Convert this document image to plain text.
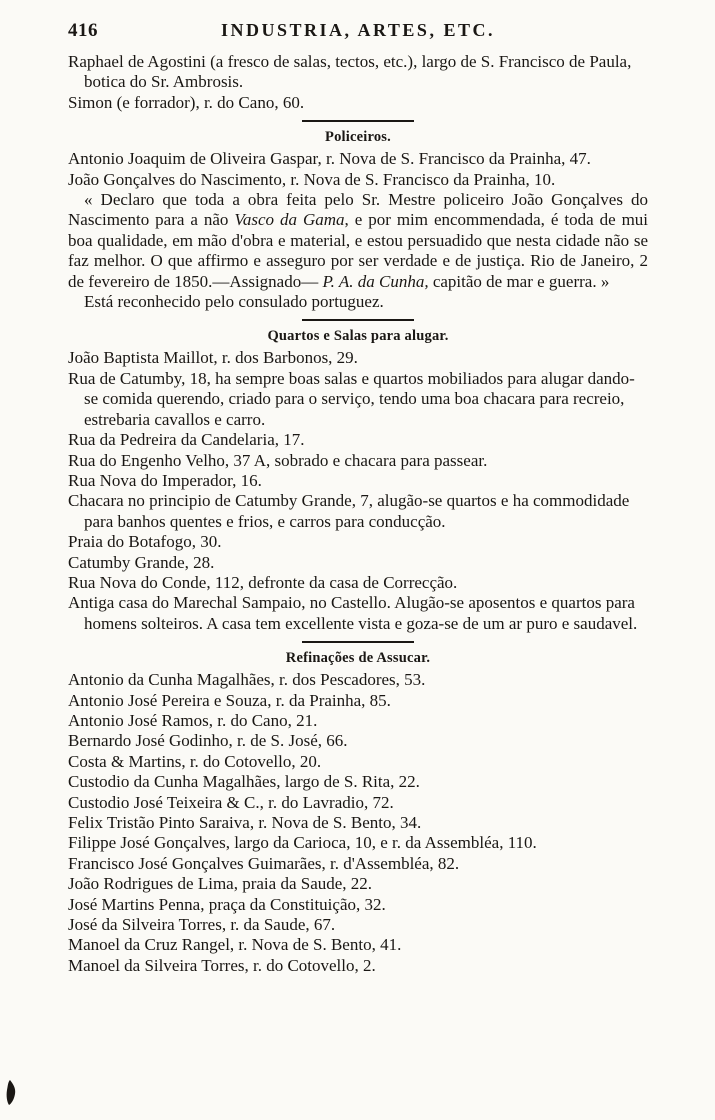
416	INDUSTRIA, ARTES, ETC.
Raphael de Agostini (a fresco de salas, tectos, etc.), largo de S. Francisco de Paula, botica do Sr. Ambrosis.
Simon (e forrador), r. do Cano, 60.
Policeiros.
Antonio Joaquim de Oliveira Gaspar, r. Nova de S. Francisco da Prainha, 47.
João Gonçalves do Nascimento, r. Nova de S. Francisco da Prainha, 10.
« Declaro que toda a obra feita pelo Sr. Mestre policeiro João Gonçalves do Nascimento para a não Vasco da Gama, e por mim encommendada, é toda de mui boa qualidade, em mão d'obra e material, e estou persuadido que nesta cidade não se faz melhor. O que affirmo e asseguro por ser verdade e de justiça. Rio de Janeiro, 2 de fevereiro de 1850.—Assignado— P. A. da Cunha, capitão de mar e guerra. »
Está reconhecido pelo consulado portuguez.
Quartos e Salas para alugar.
João Baptista Maillot, r. dos Barbonos, 29.
Rua de Catumby, 18, ha sempre boas salas e quartos mobiliados para alugar dando-se comida querendo, criado para o serviço, tendo uma boa chacara para recreio, estrebaria cavallos e carro.
Rua da Pedreira da Candelaria, 17.
Rua do Engenho Velho, 37 A, sobrado e chacara para passear.
Rua Nova do Imperador, 16.
Chacara no principio de Catumby Grande, 7, alugão-se quartos e ha commodidade para banhos quentes e frios, e carros para conducção.
Praia do Botafogo, 30.
Catumby Grande, 28.
Rua Nova do Conde, 112, defronte da casa de Correcção.
Antiga casa do Marechal Sampaio, no Castello. Alugão-se aposentos e quartos para homens solteiros. A casa tem excellente vista e goza-se de um ar puro e saudavel.
Refinações de Assucar.
Antonio da Cunha Magalhães, r. dos Pescadores, 53.
Antonio José Pereira e Souza, r. da Prainha, 85.
Antonio José Ramos, r. do Cano, 21.
Bernardo José Godinho, r. de S. José, 66.
Costa & Martins, r. do Cotovello, 20.
Custodio da Cunha Magalhães, largo de S. Rita, 22.
Custodio José Teixeira & C., r. do Lavradio, 72.
Felix Tristão Pinto Saraiva, r. Nova de S. Bento, 34.
Filippe José Gonçalves, largo da Carioca, 10, e r. da Assembléa, 110.
Francisco José Gonçalves Guimarães, r. d'Assembléa, 82.
João Rodrigues de Lima, praia da Saude, 22.
José Martins Penna, praça da Constituição, 32.
José da Silveira Torres, r. da Saude, 67.
Manoel da Cruz Rangel, r. Nova de S. Bento, 41.
Manoel da Silveira Torres, r. do Cotovello, 2.
